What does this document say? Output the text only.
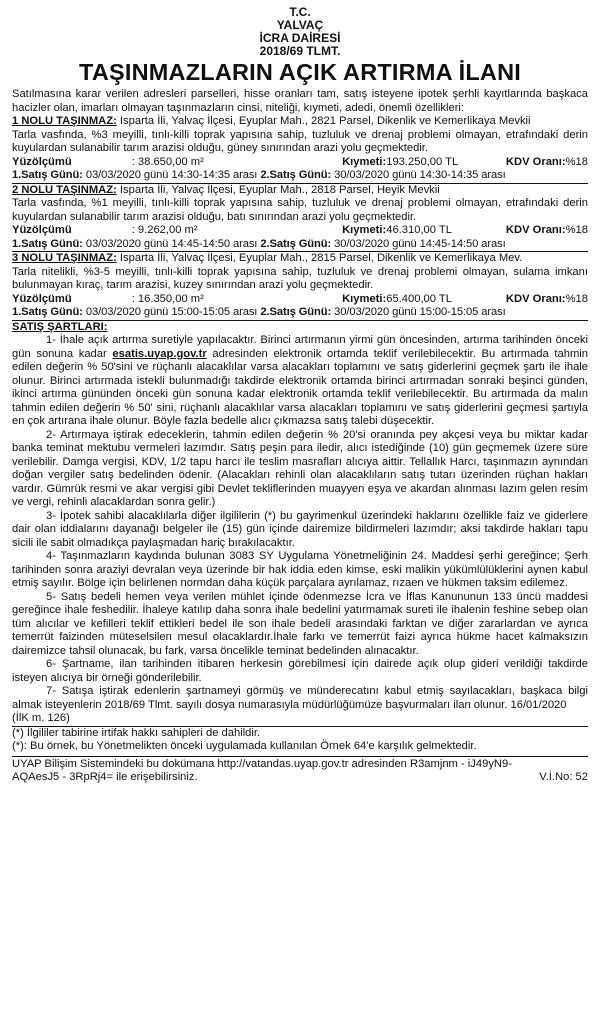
T.C.
YALVAÇ
İCRA DAİRESİ
2018/69 TLMT.
TAŞINMAZLARIN AÇIK ARTIRMA İLANI

Satılmasına karar verilen adresleri parselleri, hisse oranları tam, satış isteyene ipotek şerhli kayıtlarında başkaca hacizler olan, imarları olmayan taşınmazların cinsi, niteliği, kıymeti, adedi, önemli özellikleri:

1 NOLU TAŞINMAZ: Isparta İli, Yalvaç İlçesi, Eyuplar Mah., 2821 Parsel, Dikenlik ve Kemerlikaya Mevkii

Tarla vasfında, %3 meyilli, tınlı-killi toprak yapısına sahip, tuzluluk ve drenaj problemi olmayan, etrafındaki derin kuyulardan sulanabilir tarım arazisi olduğu, güney sınırından arazi yolu geçmektedir.

Yüzölçümü	: 38.650,00 m²	Kıymeti: 193.250,00 TL	KDV Oranı: %18
1.Satış Günü: 03/03/2020 günü 14:30-14:35 arası 2.Satış Günü: 30/03/2020 günü 14:30-14:35 arası

2 NOLU TAŞINMAZ: Isparta İli, Yalvaç İlçesi, Eyuplar Mah., 2818 Parsel, Heyik Mevkii

Tarla vasfında, %1 meyilli, tınlı-killi toprak yapısına sahip, tuzluluk ve drenaj problemi olmayan, etrafındaki derin kuyulardan sulanabilir tarım arazisi olduğu, batı sınırından arazi yolu geçmektedir.

Yüzölçümü	: 9.262,00 m²	Kıymeti: 46.310,00 TL	KDV Oranı: %18
1.Satış Günü: 03/03/2020 günü 14:45-14:50 arası 2.Satış Günü: 30/03/2020 günü 14:45-14:50 arası

3 NOLU TAŞINMAZ: Isparta İli, Yalvaç İlçesi, Eyuplar Mah., 2815 Parsel, Dikenlik ve Kemerlikaya Mev.

Tarla nitelikli, %3-5 meyilli, tınlı-killi toprak yapısına sahip, tuzluluk ve drenaj problemi olmayan, sulama imkanı bulunmayan kıraç, tarım arazisi, kuzey sınırından arazi yolu geçmektedir.

Yüzölçümü	: 16.350,00 m²	Kıymeti: 65.400,00 TL	KDV Oranı: %18
1.Satış Günü: 03/03/2020 günü 15:00-15:05 arası 2.Satış Günü: 30/03/2020 günü 15:00-15:05 arası

SATIŞ ŞARTLARI:

1- İhale açık artırma suretiyle yapılacaktır. Birinci artırmanın yirmi gün öncesinden, artırma tarihinden önceki gün sonuna kadar esatis.uyap.gov.tr adresinden elektronik ortamda teklif verilebilecektir. Bu artırmada tahmin edilen değerin % 50'sini ve rüçhanlı alacaklılar varsa alacakları toplamını ve satış giderlerini geçmek şartı ile ihale olunur. Birinci artırmada istekli bulunmadığı takdirde elektronik ortamda birinci artırmadan sonraki beşinci günden, ikinci artırma gününden önceki gün sonuna kadar elektronik ortamda teklif verilebilecektir. Bu artırmada da malın tahmin edilen değerin % 50' sini, rüçhanlı alacaklılar varsa alacakları toplamını ve satış giderlerini geçmesi şartıyla en çok artırana ihale olunur. Böyle fazla bedelle alıcı çıkmazsa satış talebi düşecektir.

2- Artırmaya iştirak edeceklerin, tahmin edilen değerin % 20'si oranında pey akçesi veya bu miktar kadar banka teminat mektubu vermeleri lazımdır. Satış peşin para iledir, alıcı istediğinde (10) gün geçmemek üzere süre verilebilir. Damga vergisi, KDV, 1/2 tapu harcı ile teslim masrafları alıcıya aittir. Tellallık Harcı, taşınmazın aynından doğan vergiler satış bedelinden ödenir. (Alacakları rehinli olan alacaklıların satış tutarı üzerinden rüçhan hakları vardır. Gümrük resmi ve akar vergisi gibi Devlet tekliflerinden muayyen eşya ve akardan alınması lazım gelen resim ve vergi, rehinli alacaklardan sonra gelir.)

3- İpotek sahibi alacaklılarla diğer ilgililerin (*) bu gayrimenkul üzerindeki haklarını özellikle faiz ve giderlere dair olan iddialarını dayanağı belgeler ile (15) gün içinde dairemize bildirmeleri lazımdır; aksi takdirde hakları tapu sicili ile sabit olmadıkça paylaşmadan hariç bırakılacaktır.

4- Taşınmazların kaydında bulunan 3083 SY Uygulama Yönetmeliğinin 24. Maddesi şerhi gereğince; Şerh tarihinden sonra araziyi devralan veya üzerinde bir hak iddia eden kimse, eski malikin yükümlülüklerini aynen kabul etmiş sayılır. Bölge için belirlenen normdan daha küçük parçalara ayrılamaz, rızaen ve hükmen taksim edilemez.

5- Satış bedeli hemen veya verilen mühlet içinde ödenmezse İcra ve İflas Kanununun 133 üncü maddesi gereğince ihale feshedilir. İhaleye katılıp daha sonra ihale bedelini yatırmamak sureti ile ihalenin feshine sebep olan tüm alıcılar ve kefilleri teklif ettikleri bedel ile son ihale bedeli arasındaki farktan ve diğer zararlardan ve ayrıca temerrüt faizinden müteselsilen mesul olacaklardır.İhale farkı ve temerrüt faizi ayrıca hükme hacet kalmaksızın dairemizce tahsil olunacak, bu fark, varsa öncelikle teminat bedelinden alınacaktır.

6- Şartname, ilan tarihinden itibaren herkesin görebilmesi için dairede açık olup gideri verildiği takdirde isteyen alıcıya bir örneği gönderilebilir.

7- Satışa iştirak edenlerin şartnameyi görmüş ve münderecatını kabul etmiş sayılacakları, başkaca bilgi almak isteyenlerin 2018/69 Tlmt. sayılı dosya numarasıyla müdürlüğümüze başvurmaları ilan olunur. 16/01/2020

(İlK m. 126)

(*) İlgililer tabirine irtifak hakkı sahipleri de dahildir.

(*): Bu örnek, bu Yönetmelikten önceki uygulamada kullanılan Örnek 64'e karşılık gelmektedir.

UYAP Bilişim Sistemindeki bu dokümana http://vatandas.uyap.gov.tr adresinden R3amjnm - iJ49yN9-
AQAesJ5 - 3RpRj4= ile erişebilirsiniz.	V.İ.No: 52
